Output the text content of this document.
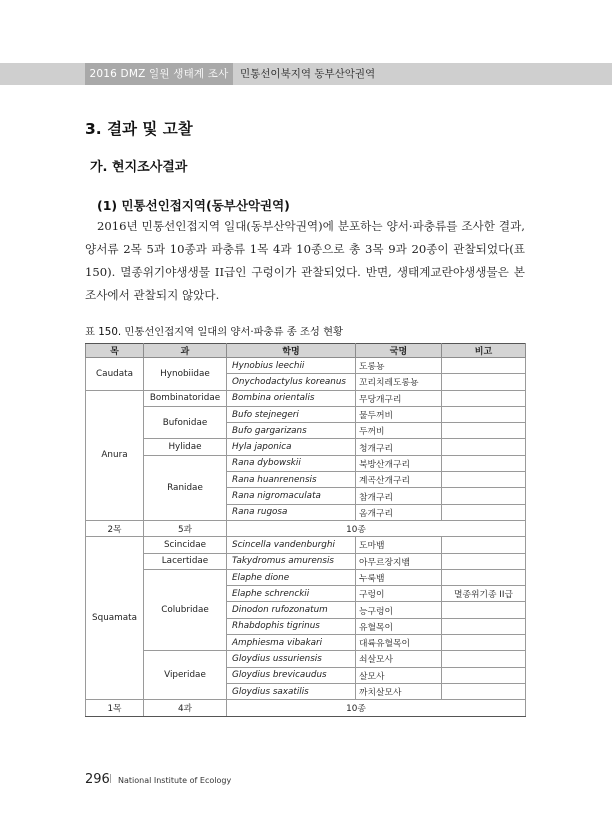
2016 DMZ 일원 생태계 조사	민통선이북지역 동부산악권역
3. 결과 및 고찰
가. 현지조사결과
(1) 민통선인접지역(동부산악권역)

2016년 민통선인접지역 일대(동부산악권역)에 분포하는 양서·파충류를 조사한 결과, 양서류 2목 5과 10종과 파충류 1목 4과 10종으로 총 3목 9과 20종이 관찰되었다(표 150). 멸종위기야생생물 II급인 구렁이가 관찰되었다. 반면, 생태계교란야생생물은 본 조사에서 관찰되지 않았다.

표 150. 민통선인접지역 일대의 양서·파충류 종 조성 현황
목	과	학명	국명	비고
Caudata	Hynobiidae	Hynobius leechii	도롱뇽	
		Onychodactylus koreanus	꼬리치레도롱뇽	
Anura	Bombinatoridae	Bombina orientalis	무당개구리	
	Bufonidae	Bufo stejnegeri	물두꺼비	
		Bufo gargarizans	두꺼비	
	Hylidae	Hyla japonica	청개구리	
	Ranidae	Rana dybowskii	북방산개구리	
		Rana huanrenensis	계곡산개구리	
		Rana nigromaculata	참개구리	
		Rana rugosa	옴개구리	
2목	5과	10종		
Squamata	Scincidae	Scincella vandenburghi	도마뱀	
	Lacertidae	Takydromus amurensis	아무르장지뱀	
	Colubridae	Elaphe dione	누룩뱀	
		Elaphe schrenckii	구렁이	멸종위기종 II급
		Dinodon rufozonatum	능구렁이	
		Rhabdophis tigrinus	유혈목이	
		Amphiesma vibakari	대륙유혈목이	
	Viperidae	Gloydius ussuriensis	쇠살모사	
		Gloydius brevicaudus	살모사	
		Gloydius saxatilis	까치살모사	
1목	4과	10종		
296 | National Institute of Ecology
